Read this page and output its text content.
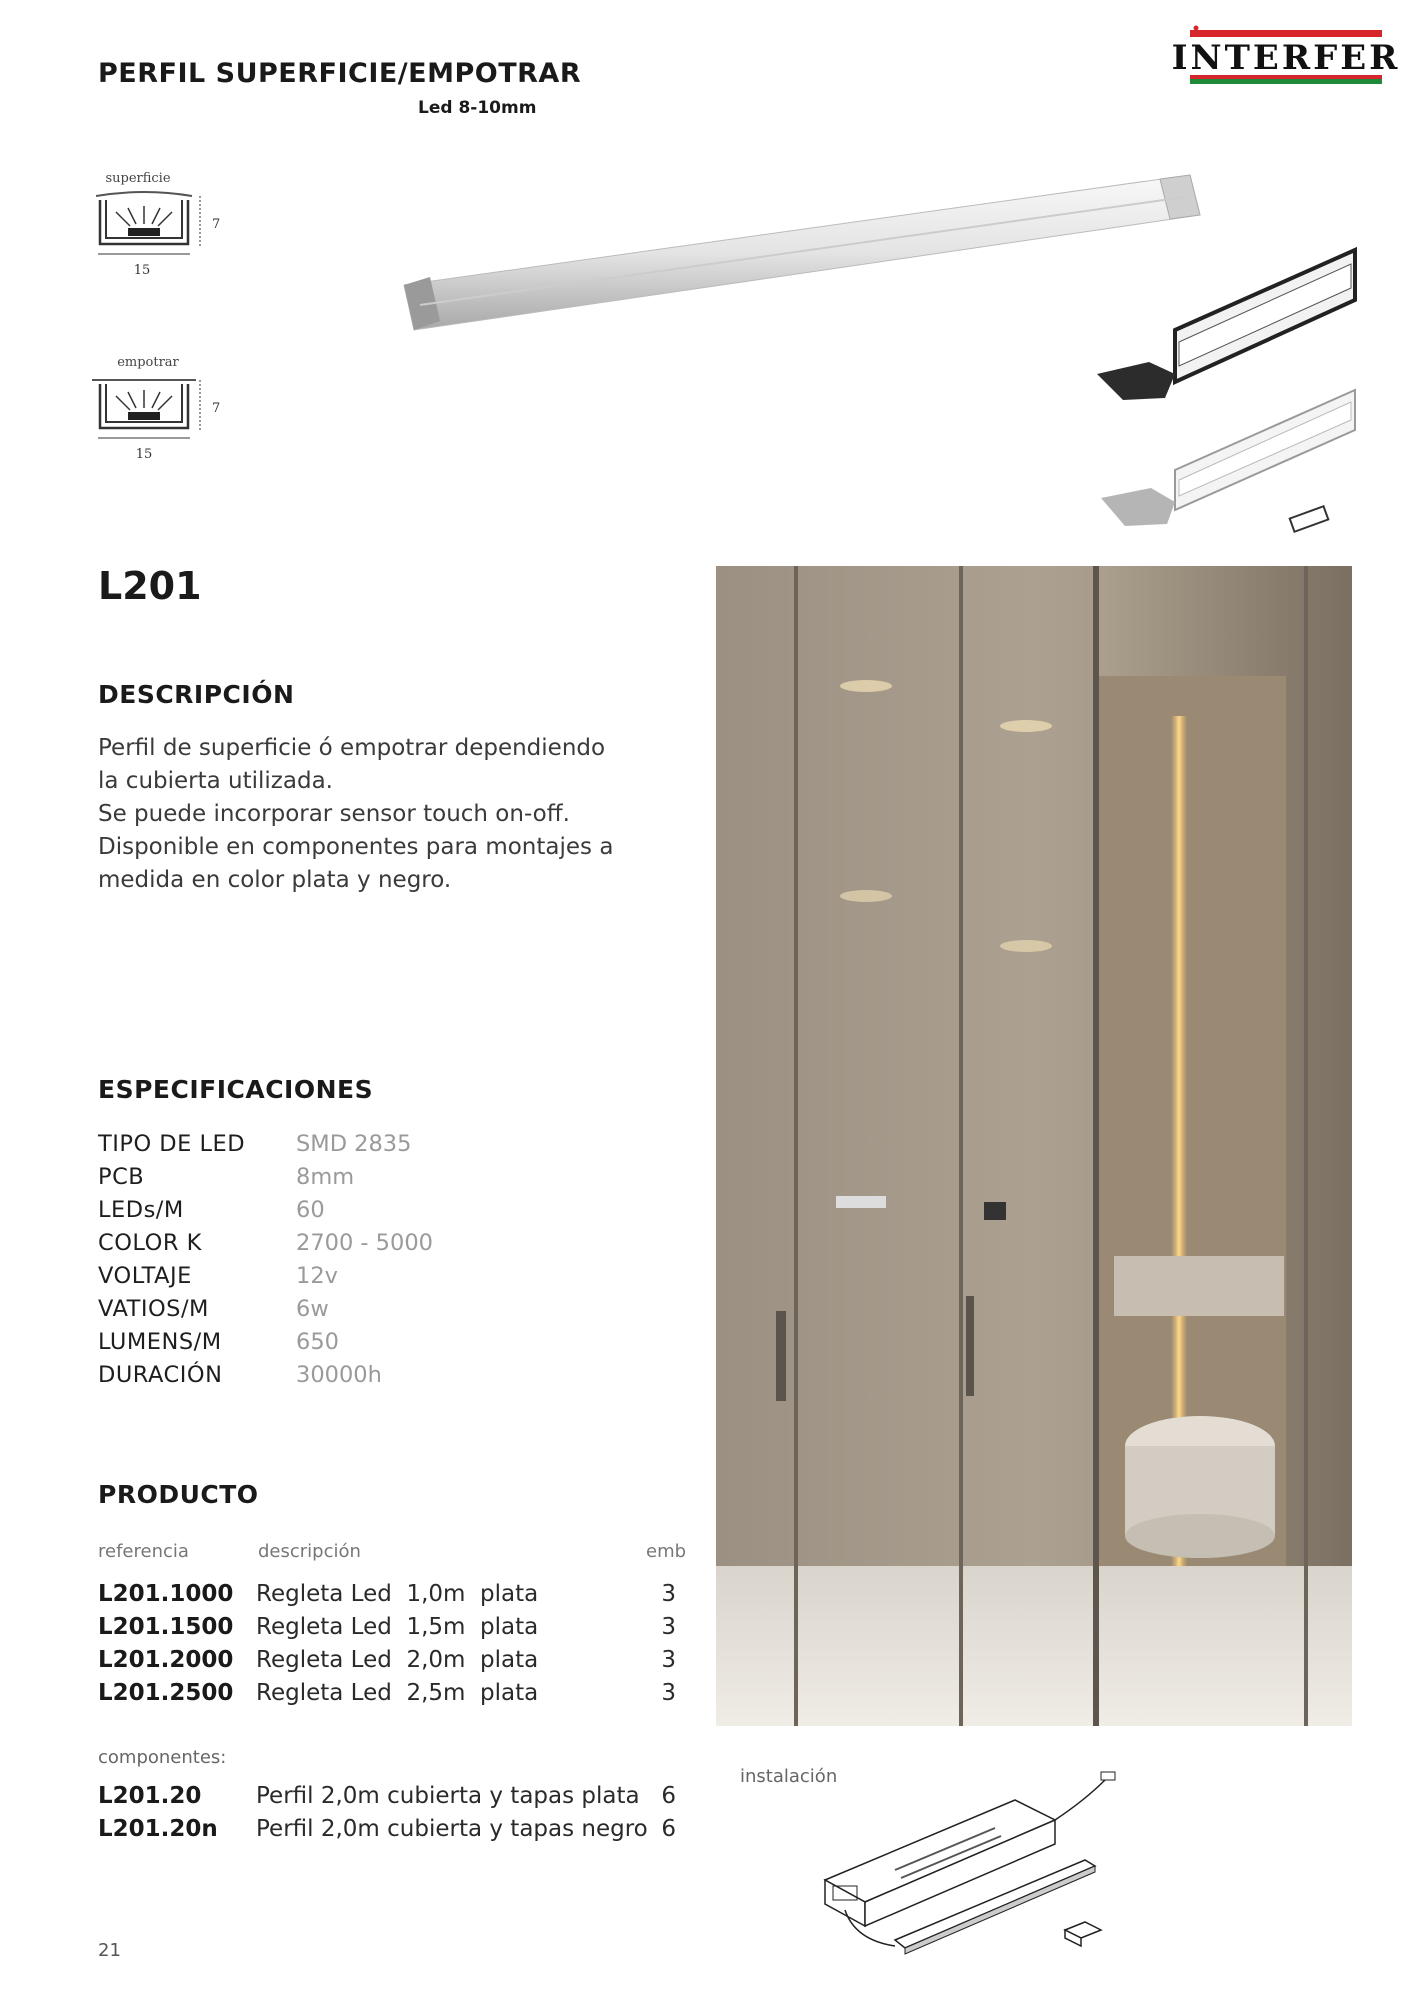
PERFIL SUPERFICIE/EMPOTRAR
Led 8-10mm
INTERFER
superficie
7
15
empotrar
7
15
L201
DESCRIPCIÓN
Perfil de superficie ó empotrar dependiendo
la cubierta utilizada.
Se puede incorporar sensor touch on-off.
Disponible en componentes para montajes a
medida en color plata y negro.
ESPECIFICACIONES
TIPO DE LED SMD 2835
PCB	8mm
LEDs/M	60
COLOR K	2700 - 5000
VOLTAJE	12v
VATIOS/M	6w
LUMENS/M	650
DURACIÓN	30000h
PRODUCTO
referencia	descripción	emb
L201.1000 Regleta Led  1,0m  plata	3
L201.1500 Regleta Led  1,5m  plata	3
L201.2000 Regleta Led  2,0m  plata	3
L201.2500 Regleta Led  2,5m  plata	3
componentes:
L201.20 Perfil 2,0m cubierta y tapas plata 6
L201.20n Perfil 2,0m cubierta y tapas negro 6
instalación
21
